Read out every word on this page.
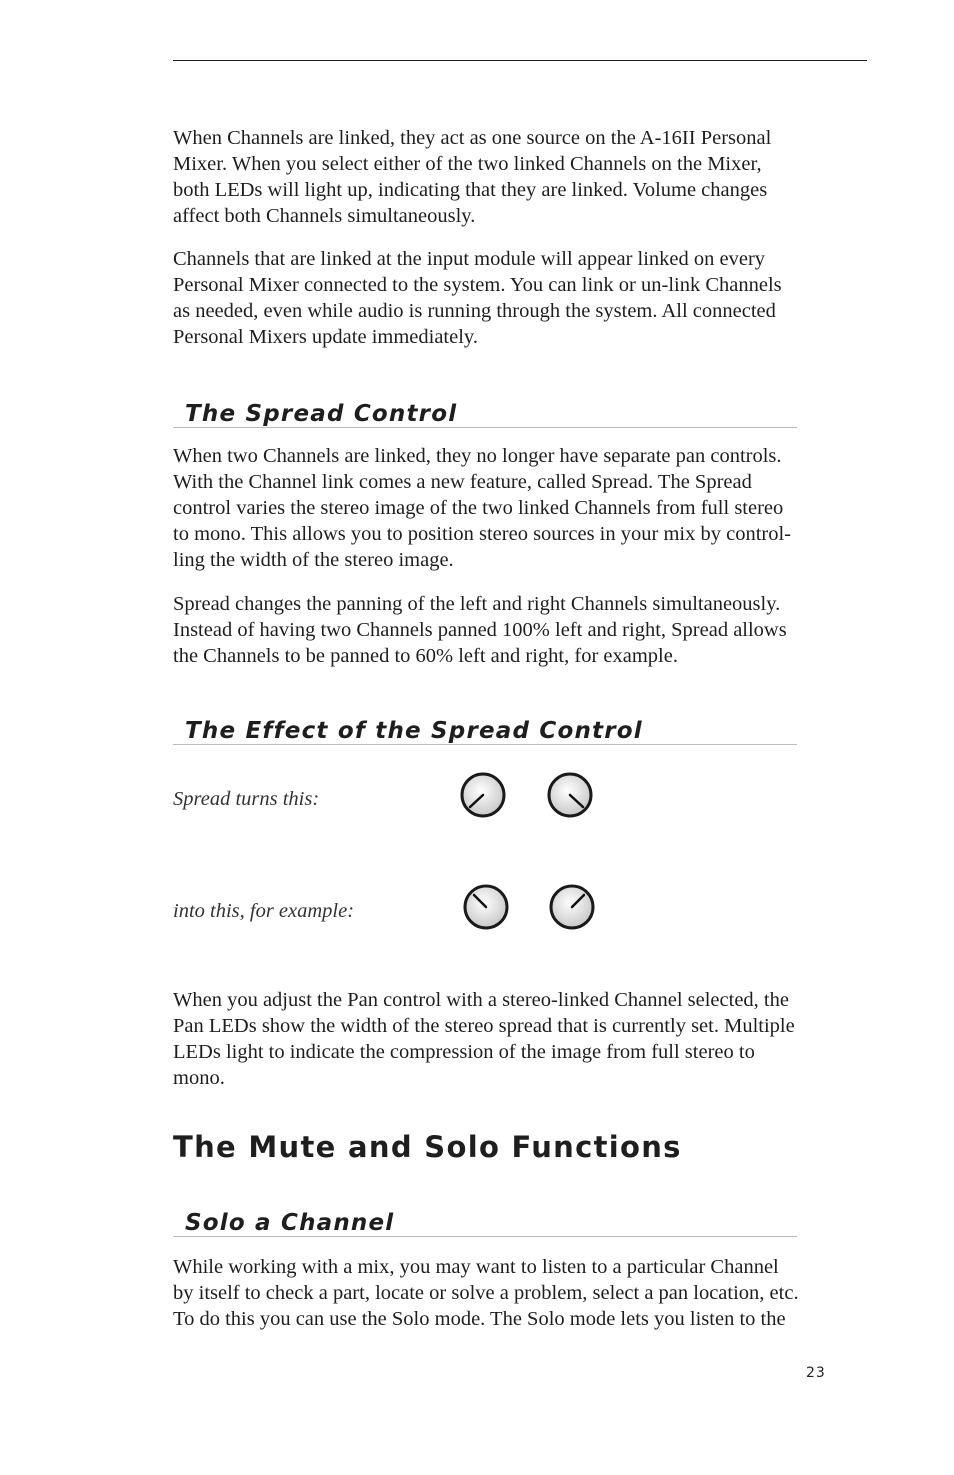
When Channels are linked, they act as one source on the A-16II Personal
Mixer. When you select either of the two linked Channels on the Mixer,
both LEDs will light up, indicating that they are linked. Volume changes
affect both Channels simultaneously.

Channels that are linked at the input module will appear linked on every
Personal Mixer connected to the system. You can link or un-link Channels
as needed, even while audio is running through the system. All connected
Personal Mixers update immediately.

The Spread Control

When two Channels are linked, they no longer have separate pan controls.
With the Channel link comes a new feature, called Spread. The Spread
control varies the stereo image of the two linked Channels from full stereo
to mono. This allows you to position stereo sources in your mix by control-
ling the width of the stereo image.

Spread changes the panning of the left and right Channels simultaneously.
Instead of having two Channels panned 100% left and right, Spread allows
the Channels to be panned to 60% left and right, for example.

The Effect of the Spread Control
Spread turns this:
into this, for example:

When you adjust the Pan control with a stereo-linked Channel selected, the
Pan LEDs show the width of the stereo spread that is currently set. Multiple
LEDs light to indicate the compression of the image from full stereo to
mono.

The Mute and Solo Functions
Solo a Channel

While working with a mix, you may want to listen to a particular Channel
by itself to check a part, locate or solve a problem, select a pan location, etc.
To do this you can use the Solo mode. The Solo mode lets you listen to the

23
